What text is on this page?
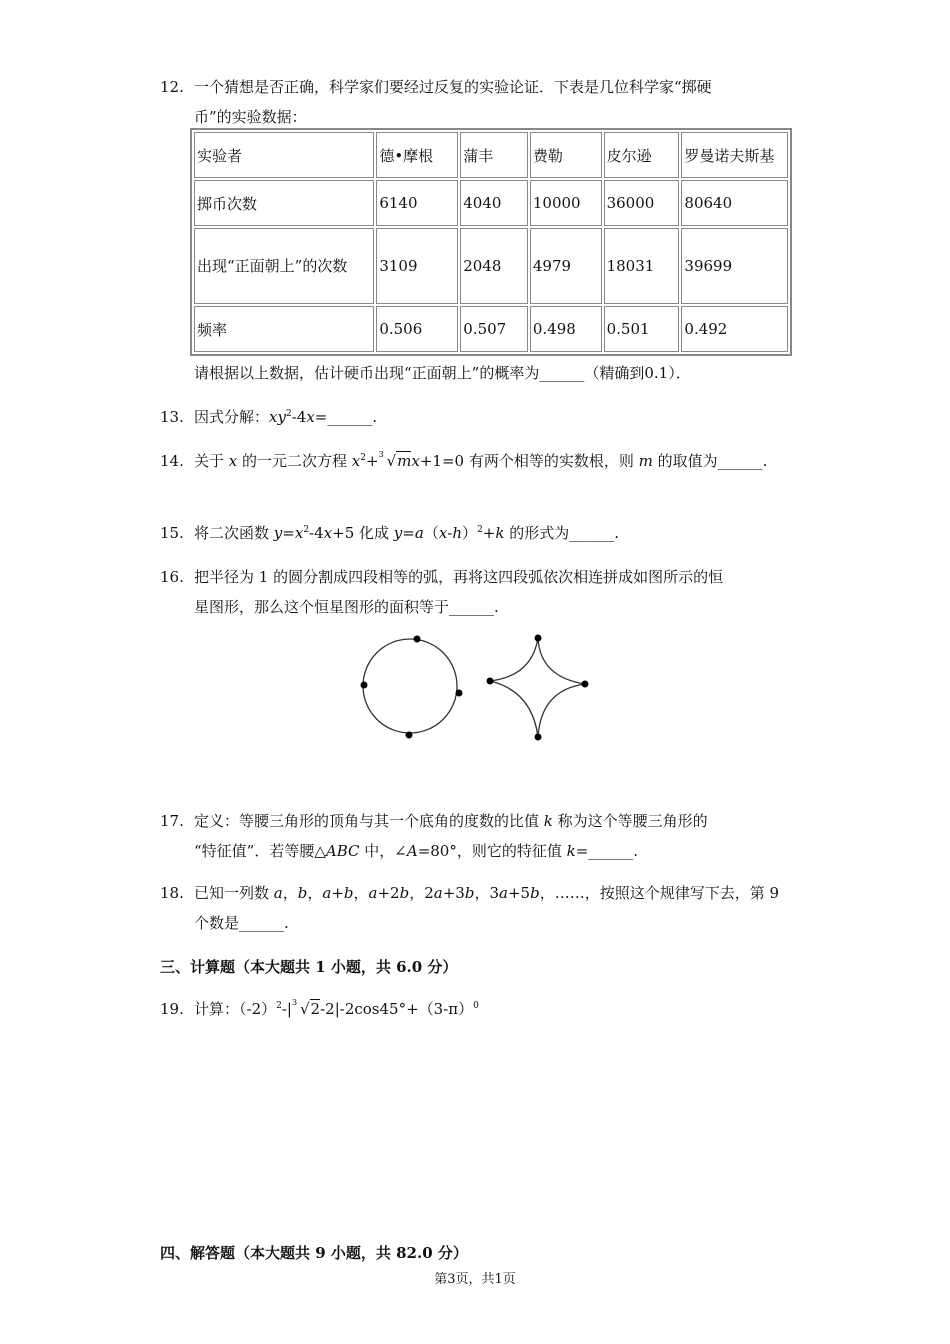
12. 一个猜想是否正确，科学家们要经过反复的实验论证．下表是几位科学家“掷硬
币”的实验数据：
实验者	德•摩根	蒲丰	费勒	皮尔逊	罗曼诺夫斯基
掷币次数	6140	4040	10000	36000	80640
出现“正面朝上”的次数	3109	2048	4979	18031	39699
频率	0.506	0.507	0.498	0.501	0.492
请根据以上数据，估计硬币出现“正面朝上”的概率为______（精确到0.1）．
13. 因式分解：$xy^2-4x=\_\_\_\_\_\_$.
14. 关于 x 的一元二次方程 $x^2+ 3$ √mx+1=0 有两个相等的实数根，则 m 的取值为______.
15. 将二次函数 $y=x^2-4x+5$ 化成 $y=a(x-h)^2+k$ 的形式为______.
16. 把半径为 1 的圆分割成四段相等的弧，再将这四段弧依次相连拼成如图所示的恒
星图形，那么这个恒星图形的面积等于______.
17. 定义：等腰三角形的顶角与其一个底角的度数的比值 k 称为这个等腰三角形的
“特征值”．若等腰△ABC 中，∠A=80°，则它的特征值 k=______.
18. 已知一列数 a，b，a+b，a+2b，2a+3b，3a+5b，……，按照这个规律写下去，第 9
个数是______.
三、计算题（本大题共 1 小题，共 6.0 分）
19. 计算：$(-2)^2-|$ 3 $√2-2|-2\cos 45^\circ+(3-\pi)^0$
四、解答题（本大题共 9 小题，共 82.0 分）
第3页，共1页
